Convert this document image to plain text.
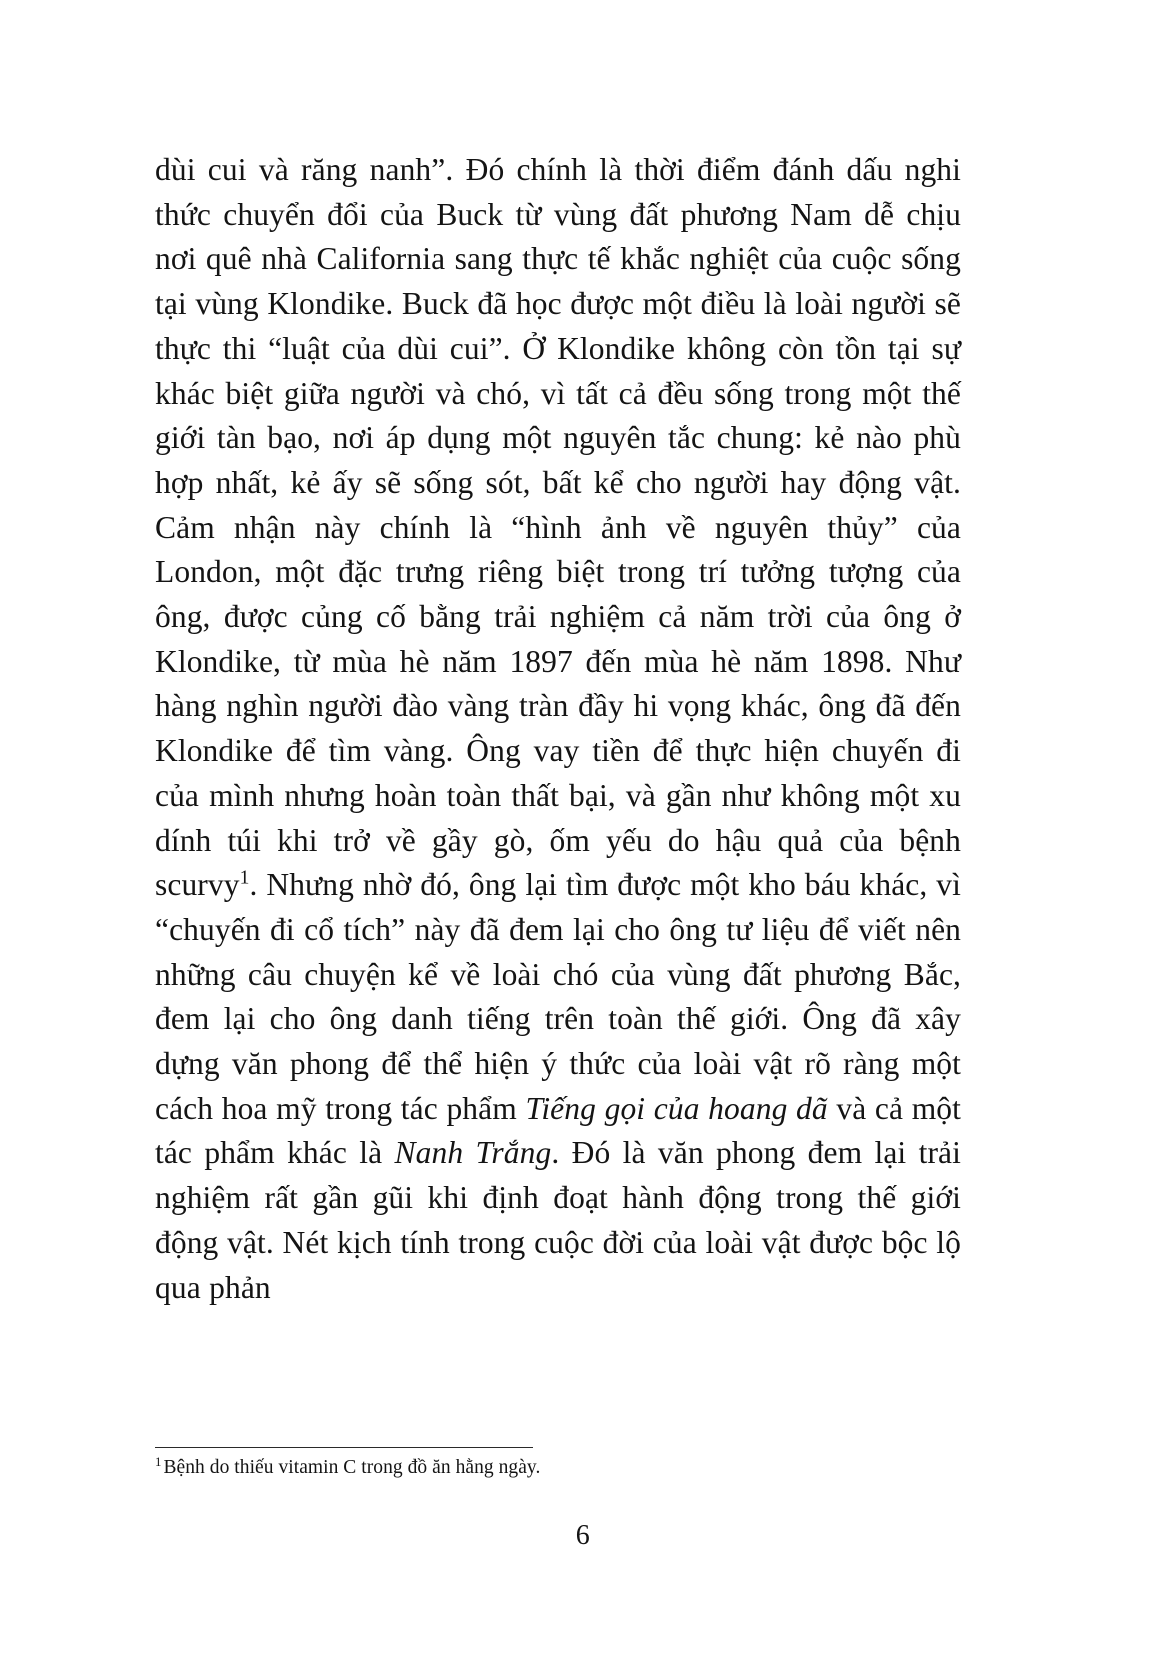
dùi cui và răng nanh”. Đó chính là thời điểm đánh dấu nghi thức chuyển đổi của Buck từ vùng đất phương Nam dễ chịu nơi quê nhà California sang thực tế khắc nghiệt của cuộc sống tại vùng Klondike. Buck đã học được một điều là loài người sẽ thực thi “luật của dùi cui”. Ở Klondike không còn tồn tại sự khác biệt giữa người và chó, vì tất cả đều sống trong một thế giới tàn bạo, nơi áp dụng một nguyên tắc chung: kẻ nào phù hợp nhất, kẻ ấy sẽ sống sót, bất kể cho người hay động vật. Cảm nhận này chính là “hình ảnh về nguyên thủy” của London, một đặc trưng riêng biệt trong trí tưởng tượng của ông, được củng cố bằng trải nghiệm cả năm trời của ông ở Klondike, từ mùa hè năm 1897 đến mùa hè năm 1898. Như hàng nghìn người đào vàng tràn đầy hi vọng khác, ông đã đến Klondike để tìm vàng. Ông vay tiền để thực hiện chuyến đi của mình nhưng hoàn toàn thất bại, và gần như không một xu dính túi khi trở về gầy gò, ốm yếu do hậu quả của bệnh scurvy$^1$. Nhưng nhờ đó, ông lại tìm được một kho báu khác, vì “chuyến đi cổ tích” này đã đem lại cho ông tư liệu để viết nên những câu chuyện kể về loài chó của vùng đất phương Bắc, đem lại cho ông danh tiếng trên toàn thế giới. Ông đã xây dựng văn phong để thể hiện ý thức của loài vật rõ ràng một cách hoa mỹ trong tác phẩm Tiếng gọi của hoang dã và cả một tác phẩm khác là Nanh Trắng. Đó là văn phong đem lại trải nghiệm rất gần gũi khi định đoạt hành động trong thế giới động vật. Nét kịch tính trong cuộc đời của loài vật được bộc lộ qua phản

$^1$ Bệnh do thiếu vitamin C trong đồ ăn hằng ngày.

6
